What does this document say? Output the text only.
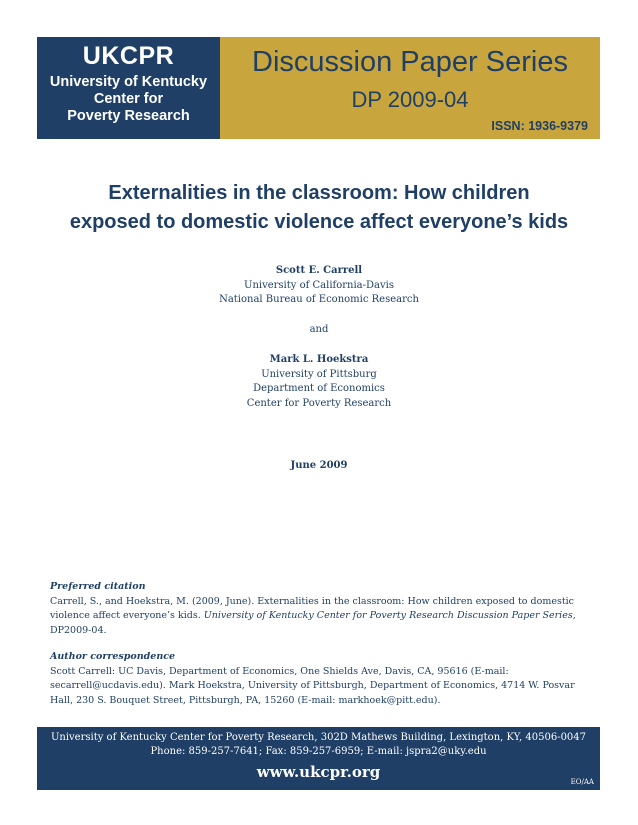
UKCPR
University of Kentucky
Center for
Poverty Research
Discussion Paper Series
DP 2009-04
ISSN: 1936-9379
Externalities in the classroom: How children
exposed to domestic violence affect everyone’s kids
Scott E. Carrell
University of California-Davis
National Bureau of Economic Research
and
Mark L. Hoekstra
University of Pittsburg
Department of Economics
Center for Poverty Research
June 2009
Preferred citation
Carrell, S., and Hoekstra, M. (2009, June). Externalities in the classroom: How children exposed to domestic violence affect everyone’s kids. University of Kentucky Center for Poverty Research Discussion Paper Series, DP2009-04.
Author correspondence
Scott Carrell: UC Davis, Department of Economics, One Shields Ave, Davis, CA, 95616 (E-mail: secarrell@ucdavis.edu). Mark Hoekstra, University of Pittsburgh, Department of Economics, 4714 W. Posvar Hall, 230 S. Bouquet Street, Pittsburgh, PA, 15260 (E-mail: markhoek@pitt.edu).
University of Kentucky Center for Poverty Research, 302D Mathews Building, Lexington, KY, 40506-0047
Phone: 859-257-7641; Fax: 859-257-6959; E-mail: jspra2@uky.edu
www.ukcpr.org
EO/AA
